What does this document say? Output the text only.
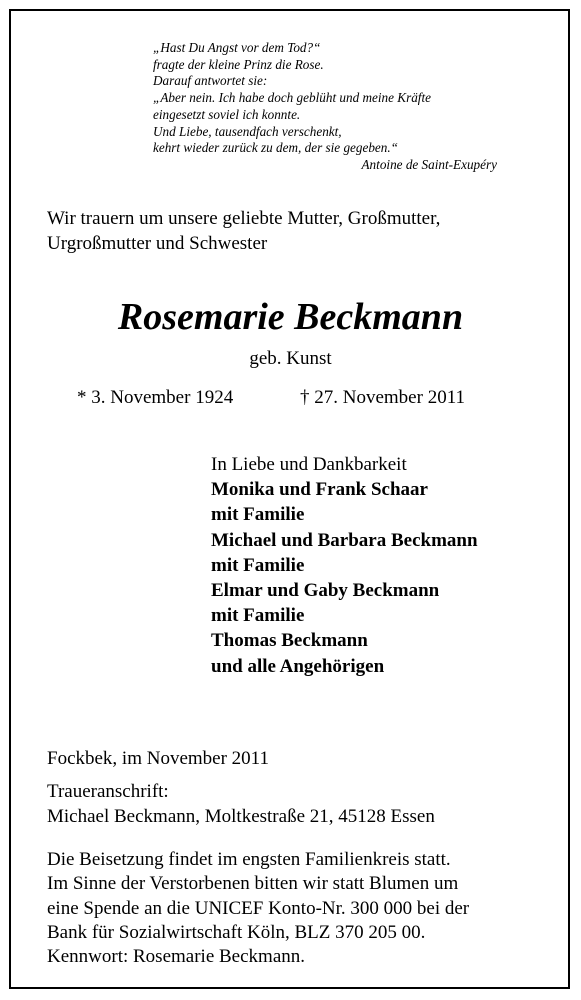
„Hast Du Angst vor dem Tod?“
fragte der kleine Prinz die Rose.
Darauf antwortet sie:
„Aber nein. Ich habe doch geblüht und meine Kräfte
eingesetzt soviel ich konnte.
Und Liebe, tausendfach verschenkt,
kehrt wieder zurück zu dem, der sie gegeben.“
Antoine de Saint-Exupéry
Wir trauern um unsere geliebte Mutter, Großmutter,
Urgroßmutter und Schwester
Rosemarie Beckmann
geb. Kunst
* 3. November 1924	† 27. November 2011
In Liebe und Dankbarkeit
Monika und Frank Schaar
mit Familie
Michael und Barbara Beckmann
mit Familie
Elmar und Gaby Beckmann
mit Familie
Thomas Beckmann
und alle Angehörigen
Fockbek, im November 2011
Traueranschrift:
Michael Beckmann, Moltkestraße 21, 45128 Essen
Die Beisetzung findet im engsten Familienkreis statt.
Im Sinne der Verstorbenen bitten wir statt Blumen um
eine Spende an die UNICEF Konto-Nr. 300 000 bei der
Bank für Sozialwirtschaft Köln, BLZ 370 205 00.
Kennwort: Rosemarie Beckmann.
